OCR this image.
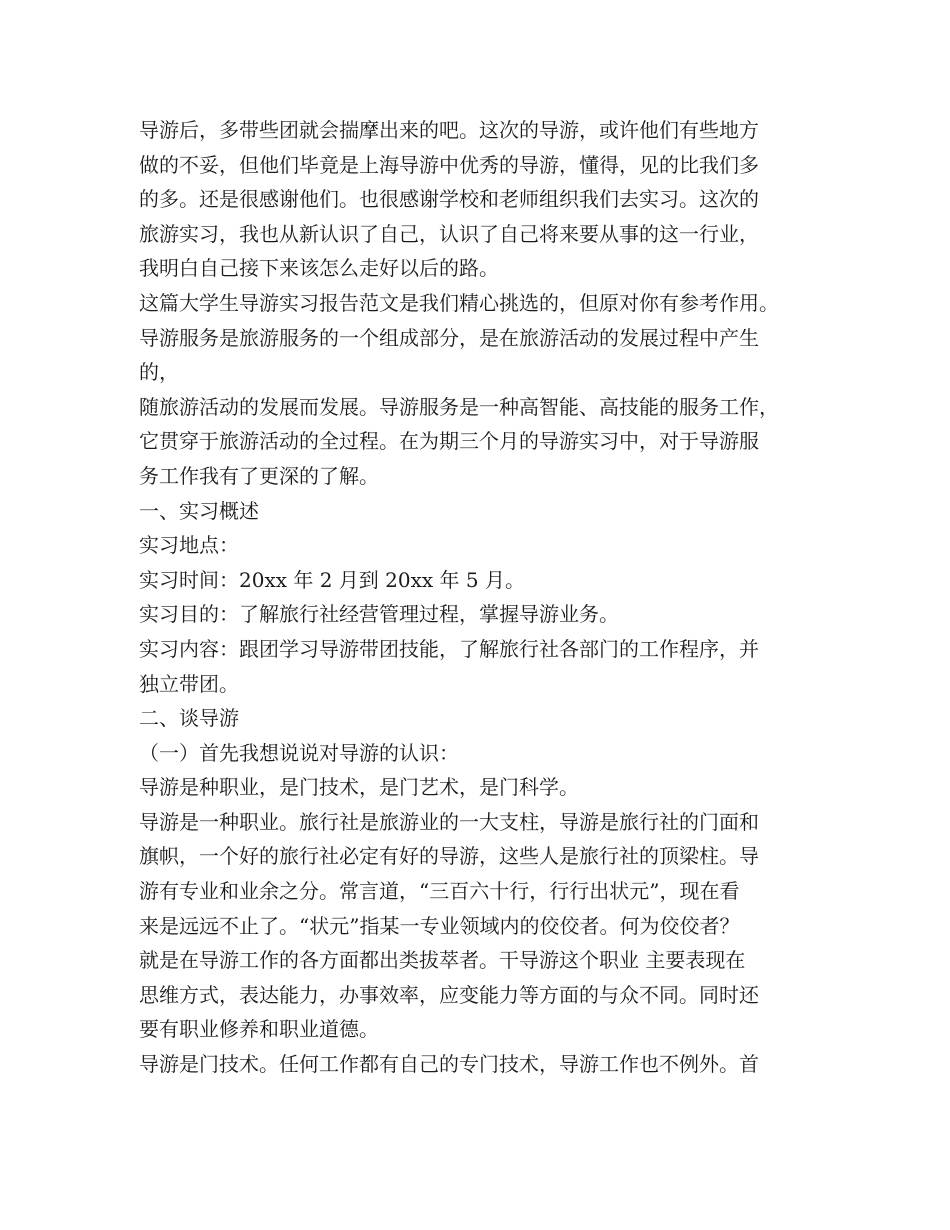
导游后，多带些团就会揣摩出来的吧。这次的导游，或许他们有些地方
做的不妥，但他们毕竟是上海导游中优秀的导游，懂得，见的比我们多
的多。还是很感谢他们。也很感谢学校和老师组织我们去实习。这次的
旅游实习，我也从新认识了自己，认识了自己将来要从事的这一行业，
我明白自己接下来该怎么走好以后的路。
这篇大学生导游实习报告范文是我们精心挑选的，但原对你有参考作用。
导游服务是旅游服务的一个组成部分，是在旅游活动的发展过程中产生
的，
随旅游活动的发展而发展。导游服务是一种高智能、高技能的服务工作，
它贯穿于旅游活动的全过程。在为期三个月的导游实习中，对于导游服
务工作我有了更深的了解。
一、实习概述
实习地点：
实习时间：20xx 年 2 月到 20xx 年 5 月。
实习目的：了解旅行社经营管理过程，掌握导游业务。
实习内容：跟团学习导游带团技能，了解旅行社各部门的工作程序，并
独立带团。
二、谈导游
（一）首先我想说说对导游的认识：
导游是种职业，是门技术，是门艺术，是门科学。
导游是一种职业。旅行社是旅游业的一大支柱，导游是旅行社的门面和
旗帜，一个好的旅行社必定有好的导游，这些人是旅行社的顶梁柱。导
游有专业和业余之分。常言道，“三百六十行，行行出状元”，现在看
来是远远不止了。“状元”指某一专业领域内的佼佼者。何为佼佼者？
就是在导游工作的各方面都出类拔萃者。干导游这个职业 主要表现在
思维方式，表达能力，办事效率，应变能力等方面的与众不同。同时还
要有职业修养和职业道德。
导游是门技术。任何工作都有自己的专门技术，导游工作也不例外。首
